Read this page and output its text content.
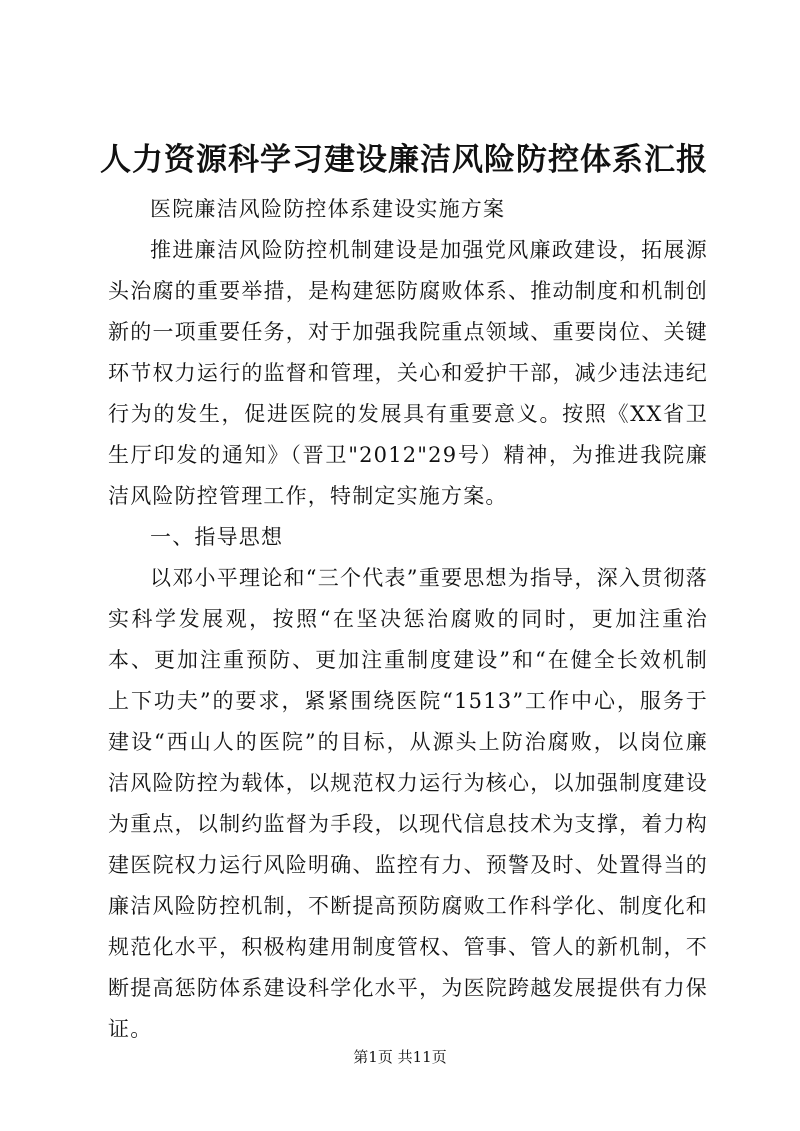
人力资源科学习建设廉洁风险防控体系汇报

医院廉洁风险防控体系建设实施方案

推进廉洁风险防控机制建设是加强党风廉政建设，拓展源头治腐的重要举措，是构建惩防腐败体系、推动制度和机制创新的一项重要任务，对于加强我院重点领域、重要岗位、关键环节权力运行的监督和管理，关心和爱护干部，减少违法违纪行为的发生，促进医院的发展具有重要意义。按照《XX省卫生厅印发的通知》（晋卫"2012"29号）精神，为推进我院廉洁风险防控管理工作，特制定实施方案。

一、指导思想

以邓小平理论和“三个代表”重要思想为指导，深入贯彻落实科学发展观，按照“在坚决惩治腐败的同时，更加注重治本、更加注重预防、更加注重制度建设”和“在健全长效机制上下功夫”的要求，紧紧围绕医院“1513”工作中心，服务于建设“西山人的医院”的目标，从源头上防治腐败，以岗位廉洁风险防控为载体，以规范权力运行为核心，以加强制度建设为重点，以制约监督为手段，以现代信息技术为支撑，着力构建医院权力运行风险明确、监控有力、预警及时、处置得当的廉洁风险防控机制，不断提高预防腐败工作科学化、制度化和规范化水平，积极构建用制度管权、管事、管人的新机制，不断提高惩防体系建设科学化水平，为医院跨越发展提供有力保证。

第1页 共11页
